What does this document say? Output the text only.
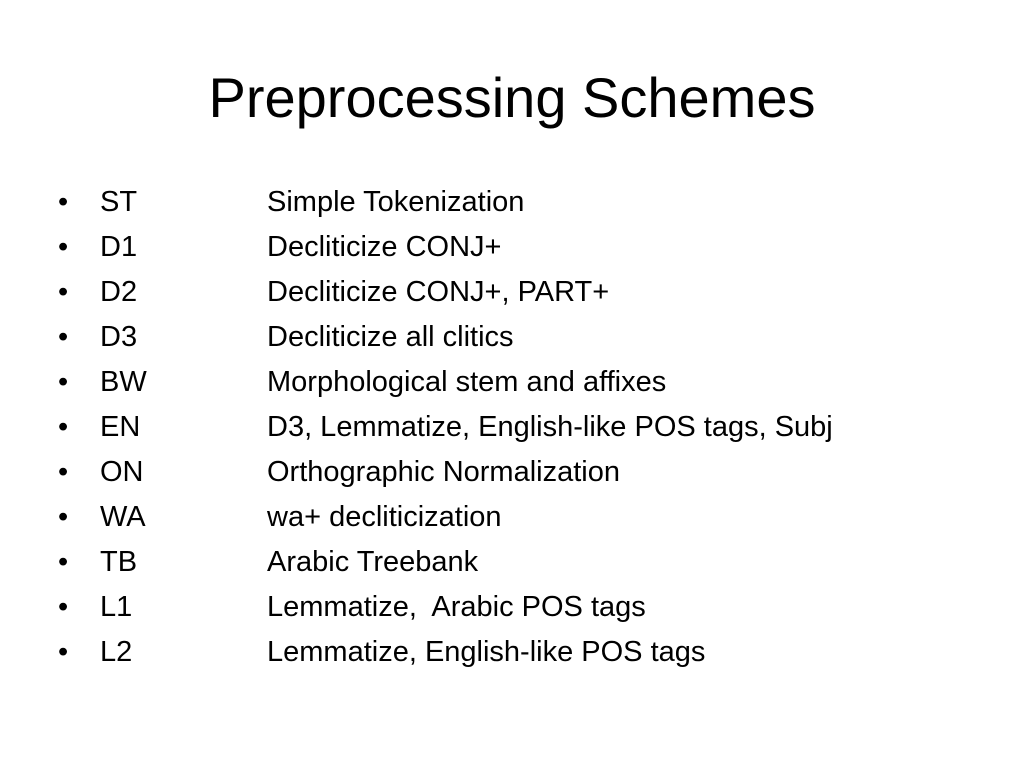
Preprocessing Schemes
•	ST	Simple Tokenization
•	D1	Decliticize CONJ+
•	D2	Decliticize CONJ+, PART+
•	D3	Decliticize all clitics
•	BW	Morphological stem and affixes
•	EN	D3, Lemmatize, English-like POS tags, Subj
•	ON	Orthographic Normalization
•	WA	wa+ decliticization
•	TB	Arabic Treebank
•	L1	Lemmatize,  Arabic POS tags
•	L2	Lemmatize, English-like POS tags
